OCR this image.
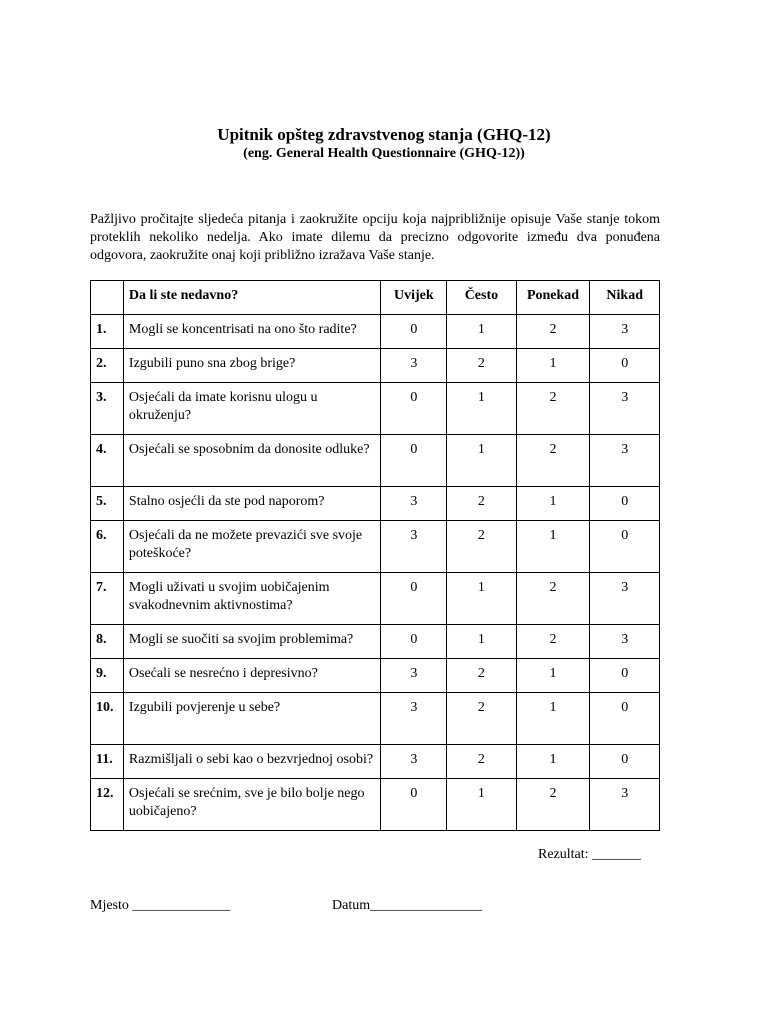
Upitnik opšteg zdravstvenog stanja (GHQ-12)
(eng. General Health Questionnaire (GHQ-12))

Pažljivo pročitajte sljedeća pitanja i zaokružite opciju koja najpribližnije opisuje Vaše stanje tokom proteklih nekoliko nedelja. Ako imate dilemu da precizno odgovorite između dva ponuđena odgovora, zaokružite onaj koji približno izražava Vaše stanje.

	Da li ste nedavno?	Uvijek	Često	Ponekad	Nikad
1.	Mogli se koncentrisati na ono što radite?	0	1	2	3
2.	Izgubili puno sna zbog brige?	3	2	1	0
3.	Osjećali da imate korisnu ulogu u okruženju?	0	1	2	3
4.	Osjećali se sposobnim da donosite odluke?	0	1	2	3
5.	Stalno osjećli da ste pod naporom?	3	2	1	0
6.	Osjećali da ne možete prevazići sve svoje poteškoće?	3	2	1	0
7.	Mogli uživati u svojim uobičajenim svakodnevnim aktivnostima?	0	1	2	3
8.	Mogli se suočiti sa svojim problemima?	0	1	2	3
9.	Osećali se nesrećno i depresivno?	3	2	1	0
10.	Izgubili povjerenje u sebe?	3	2	1	0
11.	Razmišljali o sebi kao o bezvrjednoj osobi?	3	2	1	0
12.	Osjećali se srećnim, sve je bilo bolje nego uobičajeno?	0	1	2	3
Rezultat: _______
Mjesto ______________	Datum________________
